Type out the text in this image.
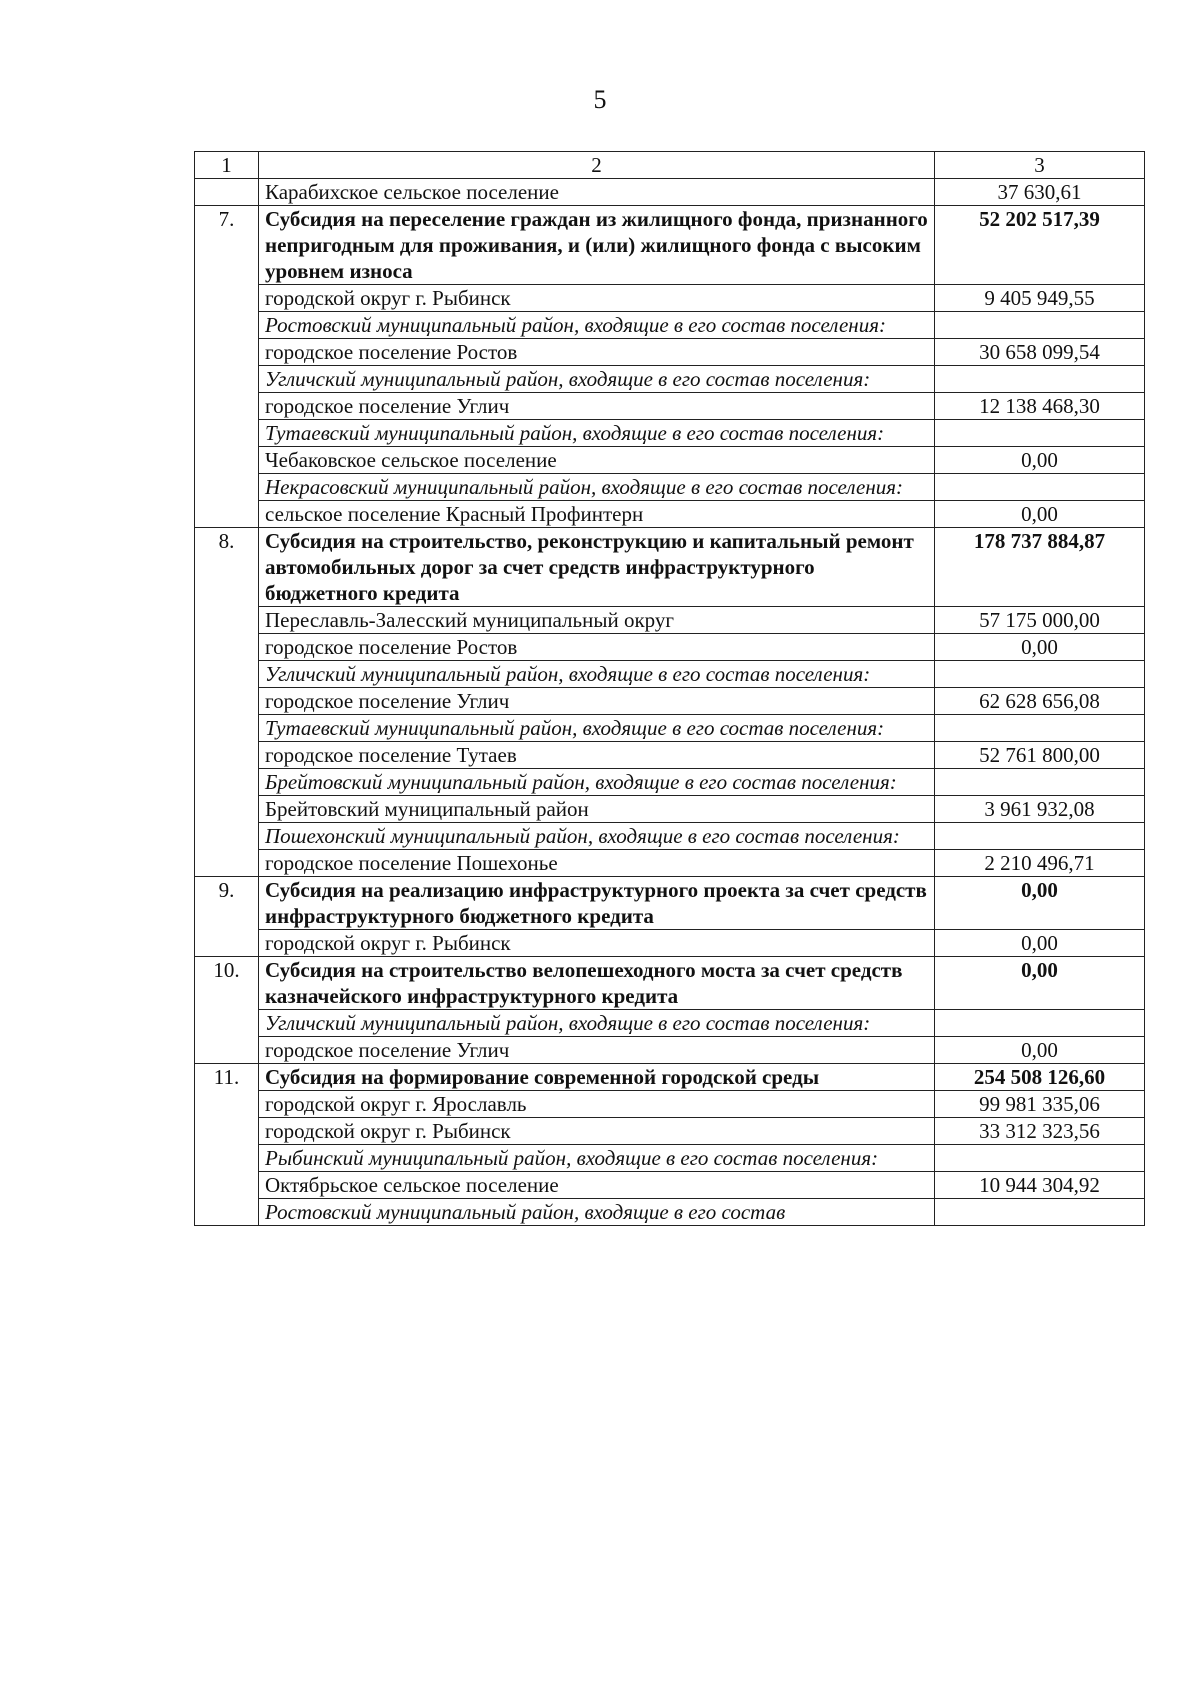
5
1	2	3
	Карабихское сельское поселение	37 630,61
7.	Субсидия на переселение граждан из жилищного фонда, признанного непригодным для проживания, и (или) жилищного фонда с высоким уровнем износа	52 202 517,39
	городской округ г. Рыбинск	9 405 949,55
	Ростовский муниципальный район, входящие в его состав поселения:	
	городское поселение Ростов	30 658 099,54
	Угличский муниципальный район, входящие в его состав поселения:	
	городское поселение Углич	12 138 468,30
	Тутаевский муниципальный район, входящие в его состав поселения:	
	Чебаковское сельское поселение	0,00
	Некрасовский муниципальный район, входящие в его состав поселения:	
	сельское поселение Красный Профинтерн	0,00
8.	Субсидия на строительство, реконструкцию и капитальный ремонт автомобильных дорог за счет средств инфраструктурного бюджетного кредита	178 737 884,87
	Переславль-Залесский муниципальный округ	57 175 000,00
	городское поселение Ростов	0,00
	Угличский муниципальный район, входящие в его состав поселения:	
	городское поселение Углич	62 628 656,08
	Тутаевский муниципальный район, входящие в его состав поселения:	
	городское поселение Тутаев	52 761 800,00
	Брейтовский муниципальный район, входящие в его состав поселения:	
	Брейтовский муниципальный район	3 961 932,08
	Пошехонский муниципальный район, входящие в его состав поселения:	
	городское поселение Пошехонье	2 210 496,71
9.	Субсидия на реализацию инфраструктурного проекта за счет средств инфраструктурного бюджетного кредита	0,00
	городской округ г. Рыбинск	0,00
10.	Субсидия на строительство велопешеходного моста за счет средств казначейского инфраструктурного кредита	0,00
	Угличский муниципальный район, входящие в его состав поселения:	
	городское поселение Углич	0,00
11.	Субсидия на формирование современной городской среды	254 508 126,60
	городской округ г. Ярославль	99 981 335,06
	городской округ г. Рыбинск	33 312 323,56
	Рыбинский муниципальный район, входящие в его состав поселения:	
	Октябрьское сельское поселение	10 944 304,92
	Ростовский муниципальный район, входящие в его состав	
